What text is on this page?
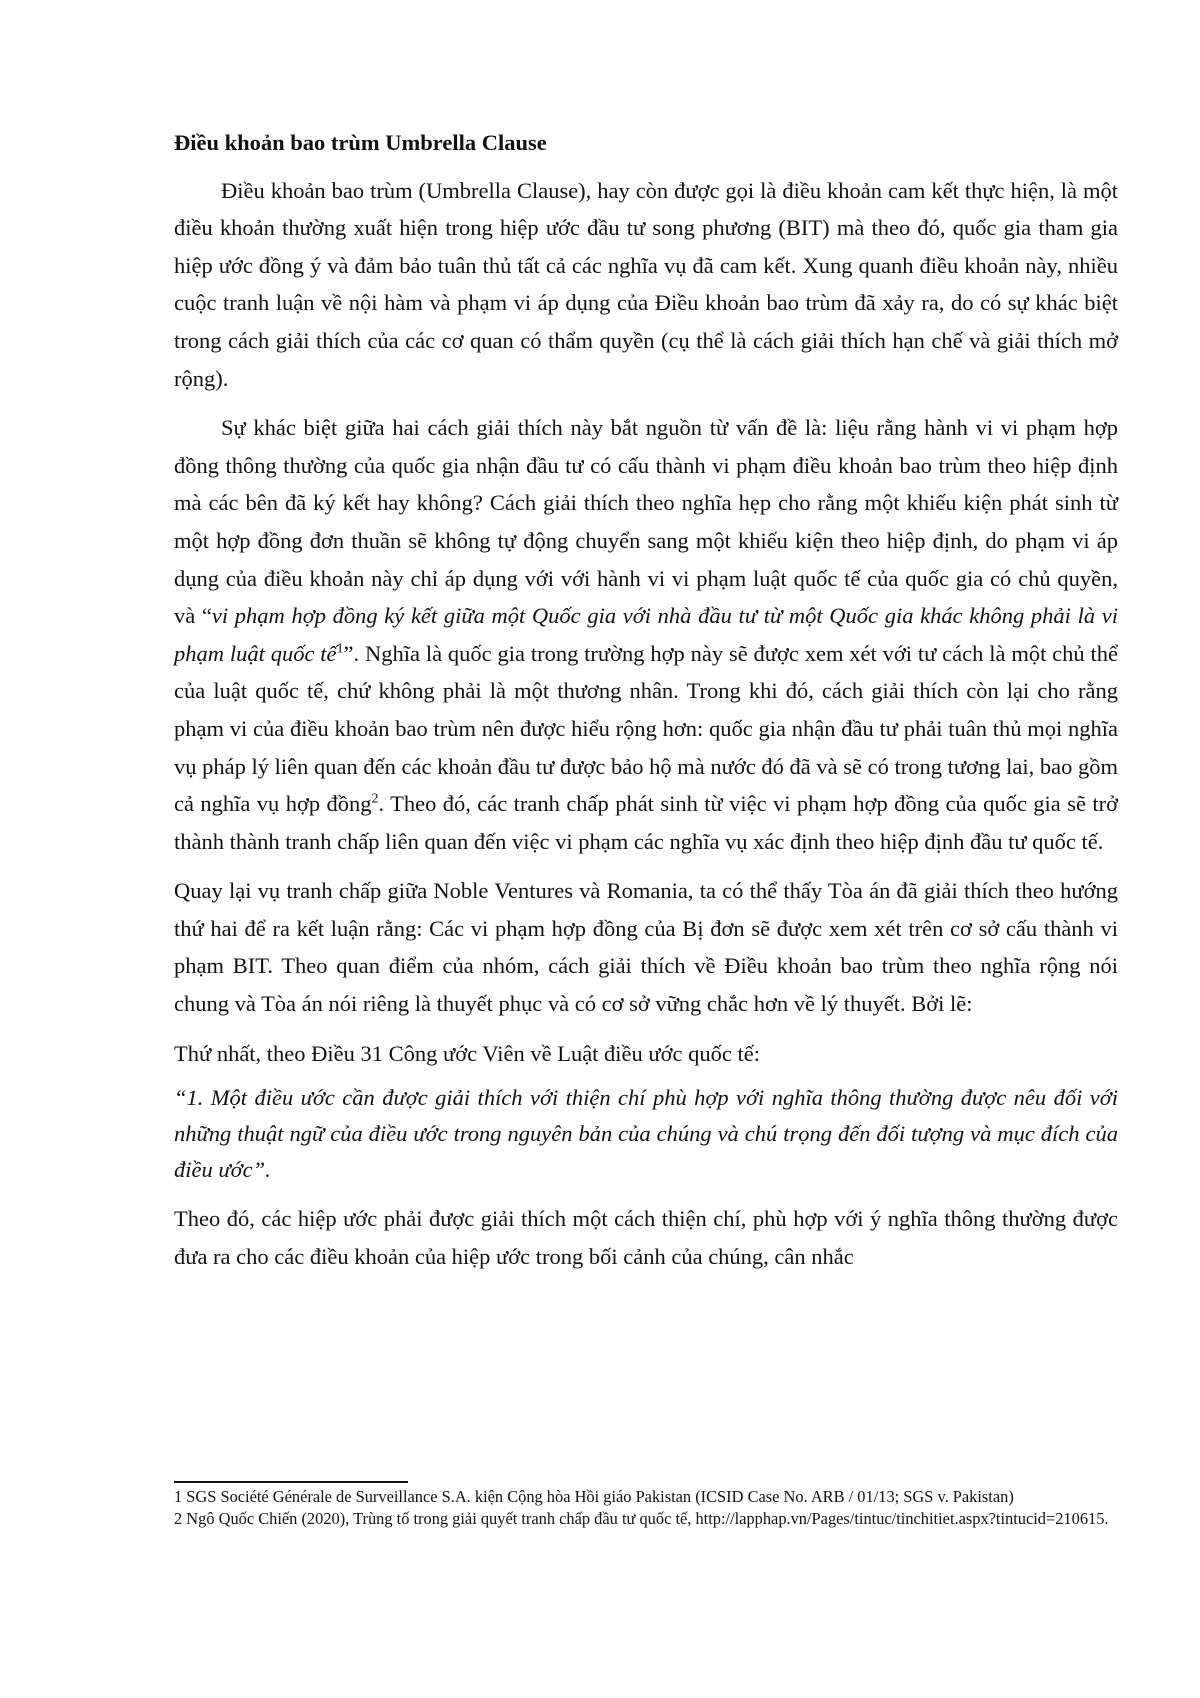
Điều khoản bao trùm Umbrella Clause

Điều khoản bao trùm (Umbrella Clause), hay còn được gọi là điều khoản cam kết thực hiện, là một điều khoản thường xuất hiện trong hiệp ước đầu tư song phương (BIT) mà theo đó, quốc gia tham gia hiệp ước đồng ý và đảm bảo tuân thủ tất cả các nghĩa vụ đã cam kết. Xung quanh điều khoản này, nhiều cuộc tranh luận về nội hàm và phạm vi áp dụng của Điều khoản bao trùm đã xảy ra, do có sự khác biệt trong cách giải thích của các cơ quan có thẩm quyền (cụ thể là cách giải thích hạn chế và giải thích mở rộng).

Sự khác biệt giữa hai cách giải thích này bắt nguồn từ vấn đề là: liệu rằng hành vi vi phạm hợp đồng thông thường của quốc gia nhận đầu tư có cấu thành vi phạm điều khoản bao trùm theo hiệp định mà các bên đã ký kết hay không? Cách giải thích theo nghĩa hẹp cho rằng một khiếu kiện phát sinh từ một hợp đồng đơn thuần sẽ không tự động chuyển sang một khiếu kiện theo hiệp định, do phạm vi áp dụng của điều khoản này chỉ áp dụng với với hành vi vi phạm luật quốc tế của quốc gia có chủ quyền, và “vi phạm hợp đồng ký kết giữa một Quốc gia với nhà đầu tư từ một Quốc gia khác không phải là vi phạm luật quốc tế$^1$”. Nghĩa là quốc gia trong trường hợp này sẽ được xem xét với tư cách là một chủ thể của luật quốc tế, chứ không phải là một thương nhân. Trong khi đó, cách giải thích còn lại cho rằng phạm vi của điều khoản bao trùm nên được hiểu rộng hơn: quốc gia nhận đầu tư phải tuân thủ mọi nghĩa vụ pháp lý liên quan đến các khoản đầu tư được bảo hộ mà nước đó đã và sẽ có trong tương lai, bao gồm cả nghĩa vụ hợp đồng$^2$. Theo đó, các tranh chấp phát sinh từ việc vi phạm hợp đồng của quốc gia sẽ trở thành thành tranh chấp liên quan đến việc vi phạm các nghĩa vụ xác định theo hiệp định đầu tư quốc tế.

Quay lại vụ tranh chấp giữa Noble Ventures và Romania, ta có thể thấy Tòa án đã giải thích theo hướng thứ hai để ra kết luận rằng: Các vi phạm hợp đồng của Bị đơn sẽ được xem xét trên cơ sở cấu thành vi phạm BIT. Theo quan điểm của nhóm, cách giải thích về Điều khoản bao trùm theo nghĩa rộng nói chung và Tòa án nói riêng là thuyết phục và có cơ sở vững chắc hơn về lý thuyết. Bởi lẽ:

Thứ nhất, theo Điều 31 Công ước Viên về Luật điều ước quốc tế:

“1. Một điều ước cần được giải thích với thiện chí phù hợp với nghĩa thông thường được nêu đối với những thuật ngữ của điều ước trong nguyên bản của chúng và chú trọng đến đối tượng và mục đích của điều ước”.

Theo đó, các hiệp ước phải được giải thích một cách thiện chí, phù hợp với ý nghĩa thông thường được đưa ra cho các điều khoản của hiệp ước trong bối cảnh của chúng, cân nhắc

1 SGS Société Générale de Surveillance S.A. kiện Cộng hòa Hồi giáo Pakistan (ICSID Case No. ARB / 01/13; SGS v. Pakistan)

2 Ngô Quốc Chiến (2020), Trùng tố trong giải quyết tranh chấp đầu tư quốc tế, http://lapphap.vn/Pages/tintuc/tinchitiet.aspx?tintucid=210615.
